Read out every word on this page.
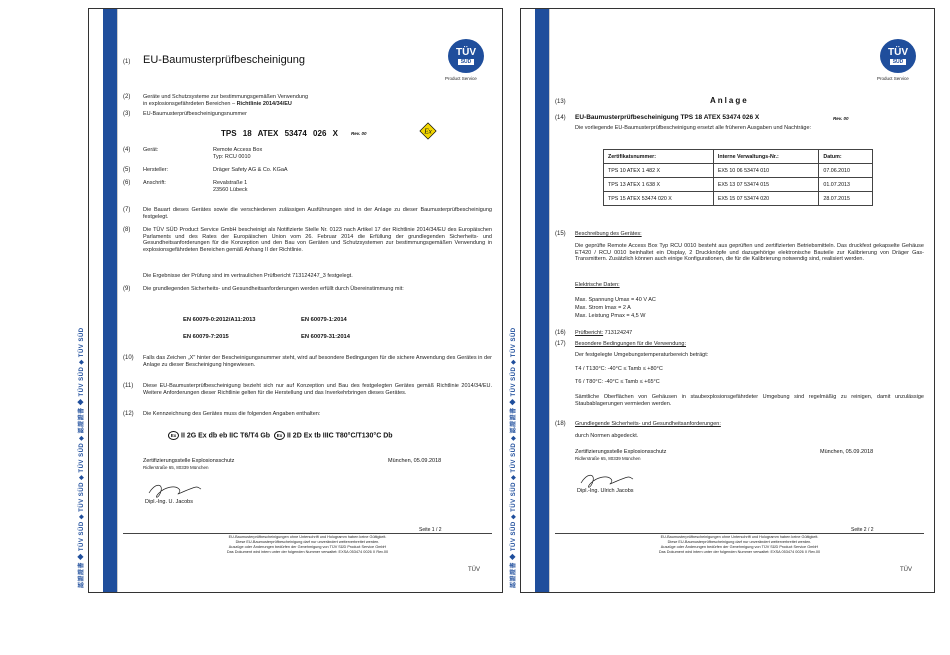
認證證書 ◆ TÜV SÜD ◆ TÜV SÜD ◆ TÜV SÜD ◆ 認證證書 ◆ TÜV SÜD ◆ TÜV SÜD ZERTIFIKAT ◆ CERTIFICATE ◆ СЕРТИФИКАТ ◆ CERTIFICADO ◆ CERTIFICAT
TÜV
SÜD
Product Service
(1) EU-Baumusterprüfbescheinigung
(2) Geräte und Schutzsysteme zur bestimmungsgemäßen Verwendung
in explosionsgefährdeten Bereichen – Richtlinie 2014/34/EU
(3) EU-Baumusterprüfbescheinigungsnummer
TPS 18 ATEX 53474 026 X	Rev. 00	Ex
(4) Gerät:	Remote Access Box
Typ: RCU 0010
(5) Hersteller:	Dräger Safety AG & Co. KGaA
(6) Anschrift:	Revalstraße 1
23560 Lübeck
(7) Die Bauart dieses Gerätes sowie die verschiedenen zulässigen Ausführungen sind in der Anlage zu dieser Baumusterprüfbescheinigung festgelegt.
(8) Die TÜV SÜD Product Service GmbH bescheinigt als Notifizierte Stelle Nr. 0123 nach Artikel 17 der Richtlinie 2014/34/EU des Europäischen Parlaments und des Rates der Europäischen Union vom 26. Februar 2014 die Erfüllung der grundlegenden Sicherheits- und Gesundheitsanforderungen für die Konzeption und den Bau von Geräten und Schutzsystemen zur bestimmungsgemäßen Verwendung in explosionsgefährdeten Bereichen gemäß Anhang II der Richtlinie.
Die Ergebnisse der Prüfung sind im vertraulichen Prüfbericht 713124247_3 festgelegt.
(9) Die grundlegenden Sicherheits- und Gesundheitsanforderungen werden erfüllt durch Übereinstimmung mit:
EN 60079-0:2012/A11:2013	EN 60079-1:2014
EN 60079-7:2015	EN 60079-31:2014
(10) Falls das Zeichen „X" hinter der Bescheinigungsnummer steht, wird auf besondere Bedingungen für die sichere Anwendung des Gerätes in der Anlage zu dieser Bescheinigung hingewiesen.
(11) Diese EU-Baumusterprüfbescheinigung bezieht sich nur auf Konzeption und Bau des festgelegten Gerätes gemäß Richtlinie 2014/34/EU. Weitere Anforderungen dieser Richtlinie gelten für die Herstellung und das Inverkehrbringen dieses Gerätes.
(12) Die Kennzeichnung des Gerätes muss die folgenden Angaben enthalten:
Ex II 2G Ex db eb IIC T6/T4 Gb Ex II 2D Ex tb IIIC T80°C/T130°C Db
Zertifizierungsstelle Explosionsschutz
Ridlerstraße 65, 80339 München
München, 05.09.2018
Dipl.-Ing. U. Jacobs
Seite 1 / 2
EU-Baumusterprüfbescheinigungen ohne Unterschrift und Hologramm haben keine Gültigkeit.
Diese EU-Baumusterprüfbescheinigung darf nur unverändert weiterverbreitet werden.
Auszüge oder Änderungen bedürfen der Genehmigung von TÜV SÜD Product Service GmbH
Das Dokument wird intern unter der folgenden Nummer verwaltet: EXSA 053474 0026 X Rev.00
TÜV	認證證書 ◆ TÜV SÜD ◆ TÜV SÜD ◆ TÜV SÜD ◆ 認證證書 ◆ TÜV SÜD ◆ TÜV SÜD ZERTIFIKAT ◆ CERTIFICATE ◆ СЕРТИФИКАТ ◆ CERTIFICADO ◆ CERTIFICAT
TÜV
SÜD
Product Service
(13)	Anlage
(14) EU-Baumusterprüfbescheinigung TPS 18 ATEX 53474 026 X	Rev. 00
Die vorliegende EU-Baumusterprüfbescheinigung ersetzt alle früheren Ausgaben und Nachträge:
Zertifikatsnummer:	Interne Verwaltungs-Nr.:	Datum:
TPS 10 ATEX 1 482 X	EX5 10 06 53474 010	07.06.2010
TPS 13 ATEX 1 638 X	EX5 13 07 53474 015	01.07.2013
TPS 15 ATEX 53474 020 X	EX5 15 07 53474 020	28.07.2015
(15) Beschreibung des Gerätes:
Die geprüfte Remote Access Box Typ RCU 0010 besteht aus geprüften und zertifizierten Betriebsmitteln. Das druckfest gekapselte Gehäuse ET420 / RCU 0010 beinhaltet ein Display, 2 Druckknöpfe und dazugehörige elektronische Bauteile zur Kalibrierung von Dräger Gas-Transmittern. Zusätzlich können auch einige Konfigurationen, die für die Kalibrierung notwendig sind, realisiert werden.
Elektrische Daten:
Max. Spannung Umax = 40 V AC
Max. Strom Imax = 2 A
Max. Leistung Pmax = 4,5 W
(16) Prüfbericht: 713124247
(17) Besondere Bedingungen für die Verwendung:
Der festgelegte Umgebungstemperaturbereich beträgt:
T4 / T130°C: -40°C ≤ Tamb ≤ +80°C
T6 / T80°C: -40°C ≤ Tamb ≤ +65°C
Sämtliche Oberflächen von Gehäusen in staubexplosionsgefährdeter Umgebung sind regelmäßig zu reinigen, damit unzulässige Staubablagerungen vermieden werden.
(18) Grundlegende Sicherheits- und Gesundheitsanforderungen:
durch Normen abgedeckt.
Zertifizierungsstelle Explosionsschutz
Ridlerstraße 65, 80339 München
München, 05.09.2018
Dipl.-Ing. Ulrich Jacobs
Seite 2 / 2
EU-Baumusterprüfbescheinigungen ohne Unterschrift und Hologramm haben keine Gültigkeit.
Diese EU-Baumusterprüfbescheinigung darf nur unverändert weiterverbreitet werden.
Auszüge oder Änderungen bedürfen der Genehmigung von TÜV SÜD Product Service GmbH
Das Dokument wird intern unter der folgenden Nummer verwaltet: EXSA 053474 0026 X Rev.00
TÜV
